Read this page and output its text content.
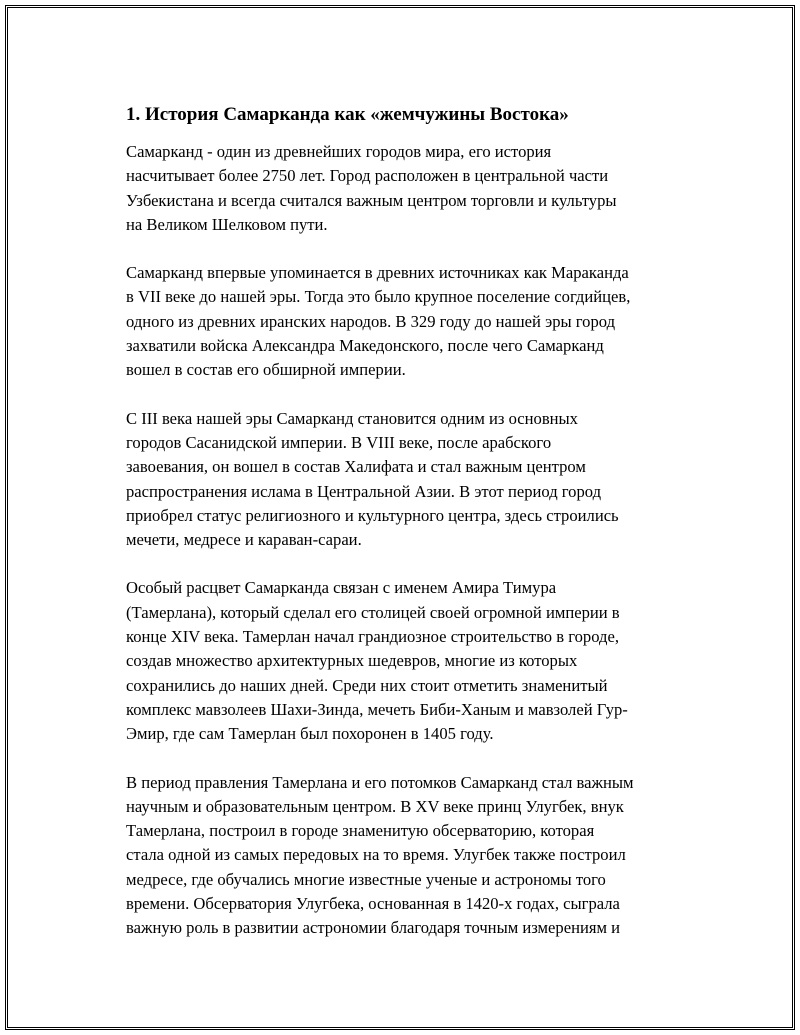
1. История Самарканда как «жемчужины Востока»

Самарканд - один из древнейших городов мира, его история
насчитывает более 2750 лет. Город расположен в центральной части
Узбекистана и всегда считался важным центром торговли и культуры
на Великом Шелковом пути.

Самарканд впервые упоминается в древних источниках как Мараканда
в VII веке до нашей эры. Тогда это было крупное поселение согдийцев,
одного из древних иранских народов. В 329 году до нашей эры город
захватили войска Александра Македонского, после чего Самарканд
вошел в состав его обширной империи.

С III века нашей эры Самарканд становится одним из основных
городов Сасанидской империи. В VIII веке, после арабского
завоевания, он вошел в состав Халифата и стал важным центром
распространения ислама в Центральной Азии. В этот период город
приобрел статус религиозного и культурного центра, здесь строились
мечети, медресе и караван-сараи.

Особый расцвет Самарканда связан с именем Амира Тимура
(Тамерлана), который сделал его столицей своей огромной империи в
конце XIV века. Тамерлан начал грандиозное строительство в городе,
создав множество архитектурных шедевров, многие из которых
сохранились до наших дней. Среди них стоит отметить знаменитый
комплекс мавзолеев Шахи-Зинда, мечеть Биби-Ханым и мавзолей Гур-
Эмир, где сам Тамерлан был похоронен в 1405 году.

В период правления Тамерлана и его потомков Самарканд стал важным
научным и образовательным центром. В XV веке принц Улугбек, внук
Тамерлана, построил в городе знаменитую обсерваторию, которая
стала одной из самых передовых на то время. Улугбек также построил
медресе, где обучались многие известные ученые и астрономы того
времени. Обсерватория Улугбека, основанная в 1420-х годах, сыграла
важную роль в развитии астрономии благодаря точным измерениям и
